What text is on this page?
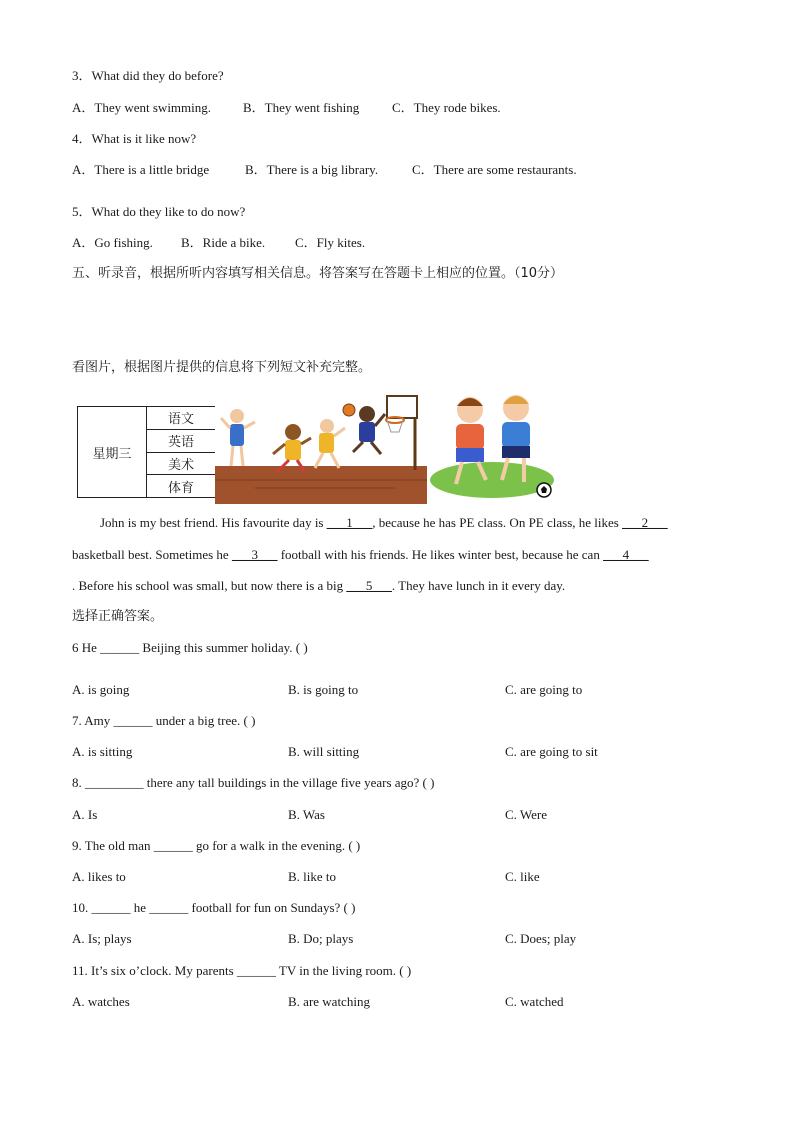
3．What did they do before?
A．They went swimming. B．They went fishing	C．They rode bikes.
4．What is it like now?
A．There is a little bridge	B．There is a big library.	C．There are some restaurants.
5．What do they like to do now?
A．Go fishing. B．Ride a bike. C．Fly kites.
五、听录音，根据所听内容填写相关信息。将答案写在答题卡上相应的位置。（10分）
看图片，根据图片提供的信息将下列短文补充完整。
星期三	语文
英语
美术
体育
John is my best friend. His favourite day is ___1___, because he has PE class. On PE class, he likes ___2___
basketball best. Sometimes he ___3___ football with his friends. He likes winter best, because he can ___4___
. Before his school was small, but now there is a big ___5___. They have lunch in it every day.
选择正确答案。
6 He ______ Beijing this summer holiday. ( )
A. is going	B. is going to	C. are going to
7. Amy ______ under a big tree. ( )
A. is sitting	B. will sitting	C. are going to sit
8. _________ there any tall buildings in the village five years ago? ( )
A. Is	B. Was	C. Were
9. The old man ______ go for a walk in the evening. ( )
A. likes to	B. like to	C. like
10. ______ he ______ football for fun on Sundays? ( )
A. Is; plays	B. Do; plays	C. Does; play
11. It’s six o’clock. My parents ______ TV in the living room. ( )
A. watches	B. are watching	C. watched
